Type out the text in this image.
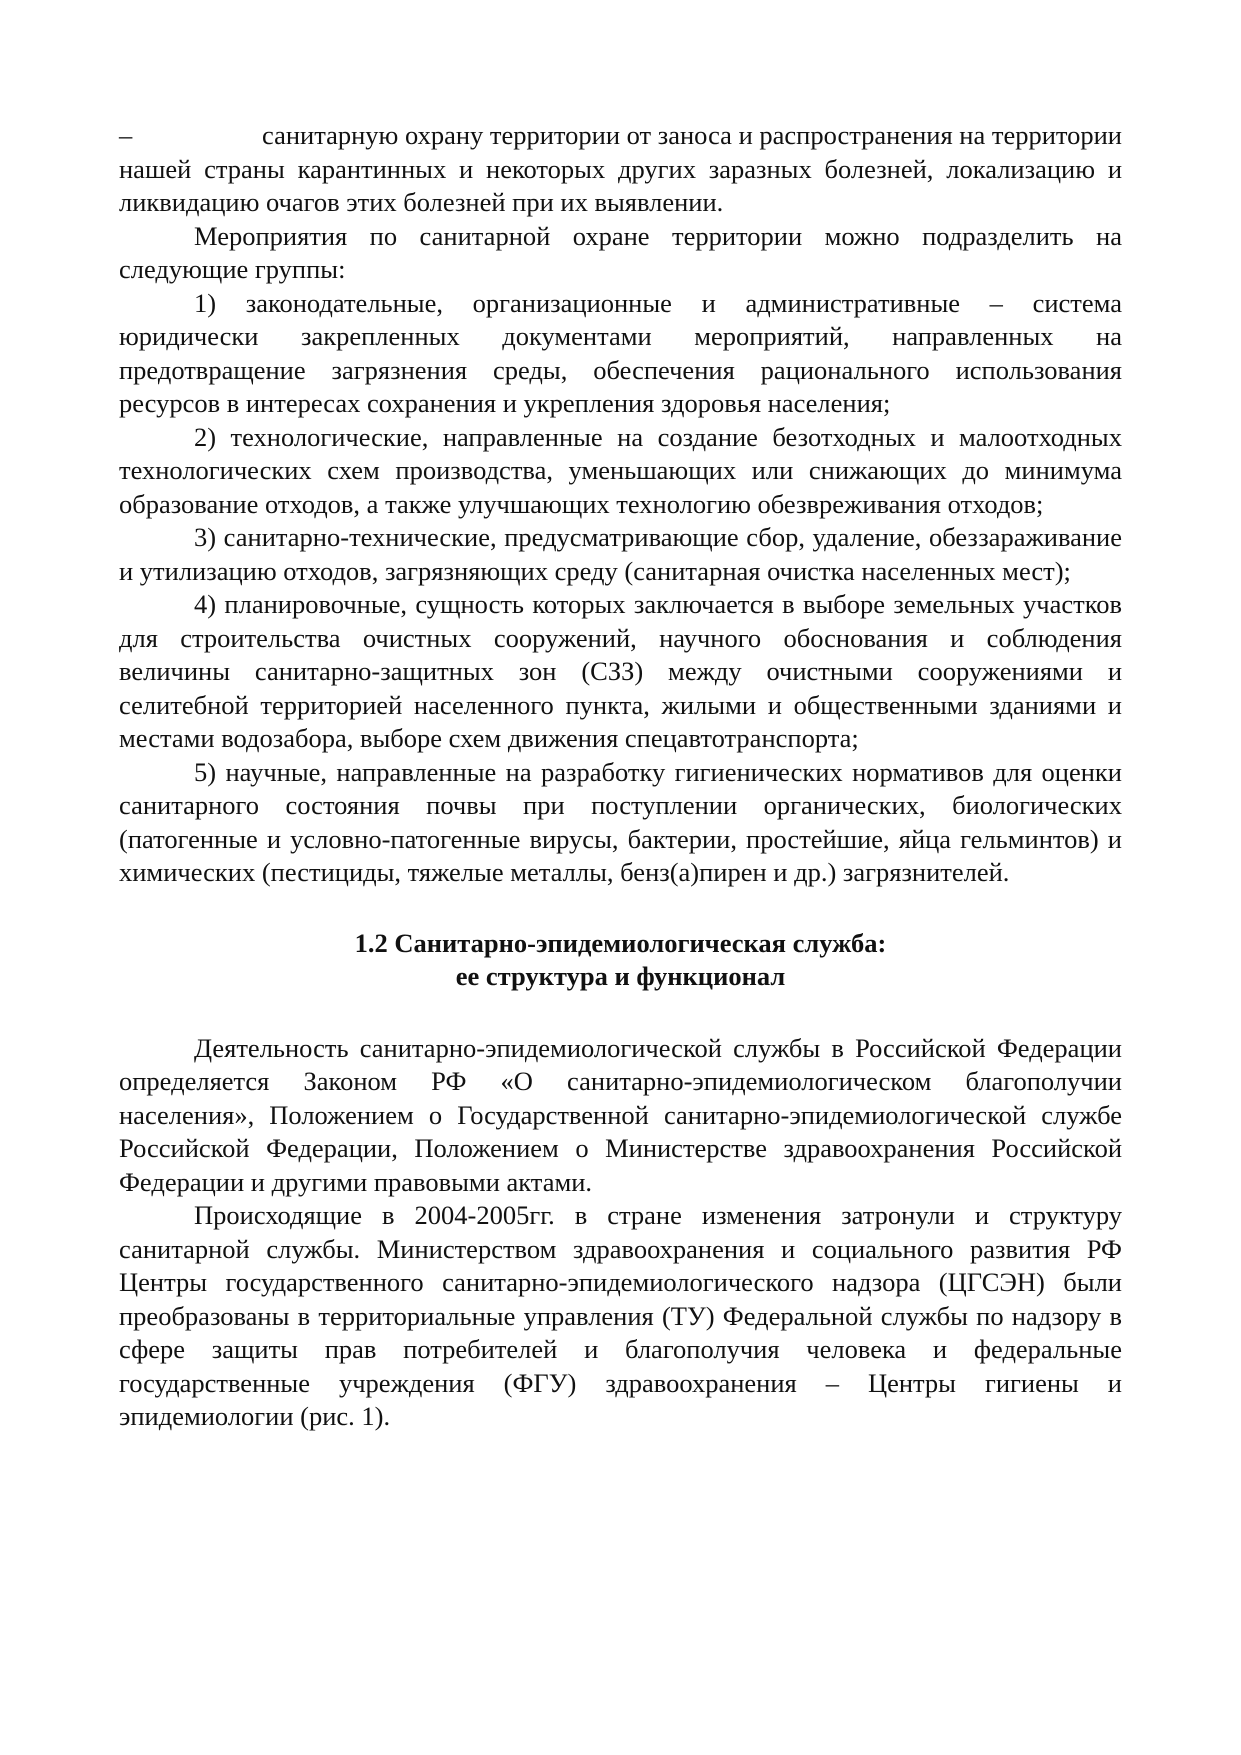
–	санитарную охрану территории от заноса и распространения на территории нашей страны карантинных и некоторых других заразных болезней, локализацию и ликвидацию очагов этих болезней при их выявлении.

Мероприятия по санитарной охране территории можно подразделить на следующие группы:

1) законодательные, организационные и административные – система юридически закрепленных документами мероприятий, направленных на предотвращение загрязнения среды, обеспечения рационального использования ресурсов в интересах сохранения и укрепления здоровья населения;

2) технологические, направленные на создание безотходных и малоотходных технологических схем производства, уменьшающих или снижающих до минимума образование отходов, а также улучшающих технологию обезвреживания отходов;

3) санитарно-технические, предусматривающие сбор, удаление, обеззараживание и утилизацию отходов, загрязняющих среду (санитарная очистка населенных мест);

4) планировочные, сущность которых заключается в выборе земельных участков для строительства очистных сооружений, научного обоснования и соблюдения величины санитарно-защитных зон (СЗЗ) между очистными сооружениями и селитебной территорией населенного пункта, жилыми и общественными зданиями и местами водозабора, выборе схем движения спецавтотранспорта;

5) научные, направленные на разработку гигиенических нормативов для оценки санитарного состояния почвы при поступлении органических, биологических (патогенные и условно-патогенные вирусы, бактерии, простейшие, яйца гельминтов) и химических (пестициды, тяжелые металлы, бенз(а)пирен и др.) загрязнителей.

1.2 Санитарно-эпидемиологическая служба:
ее структура и функционал

Деятельность санитарно-эпидемиологической службы в Российской Федерации определяется Законом РФ «О санитарно-эпидемиологическом благополучии населения», Положением о Государственной санитарно-эпидемиологической службе Российской Федерации, Положением о Министерстве здравоохранения Российской Федерации и другими правовыми актами.

Происходящие в 2004-2005гг. в стране изменения затронули и структуру санитарной службы. Министерством здравоохранения и социального развития РФ Центры государственного санитарно-эпидемиологического надзора (ЦГСЭН) были преобразованы в территориальные управления (ТУ) Федеральной службы по надзору в сфере защиты прав потребителей и благополучия человека и федеральные государственные учреждения (ФГУ) здравоохранения – Центры гигиены и эпидемиологии (рис. 1).
